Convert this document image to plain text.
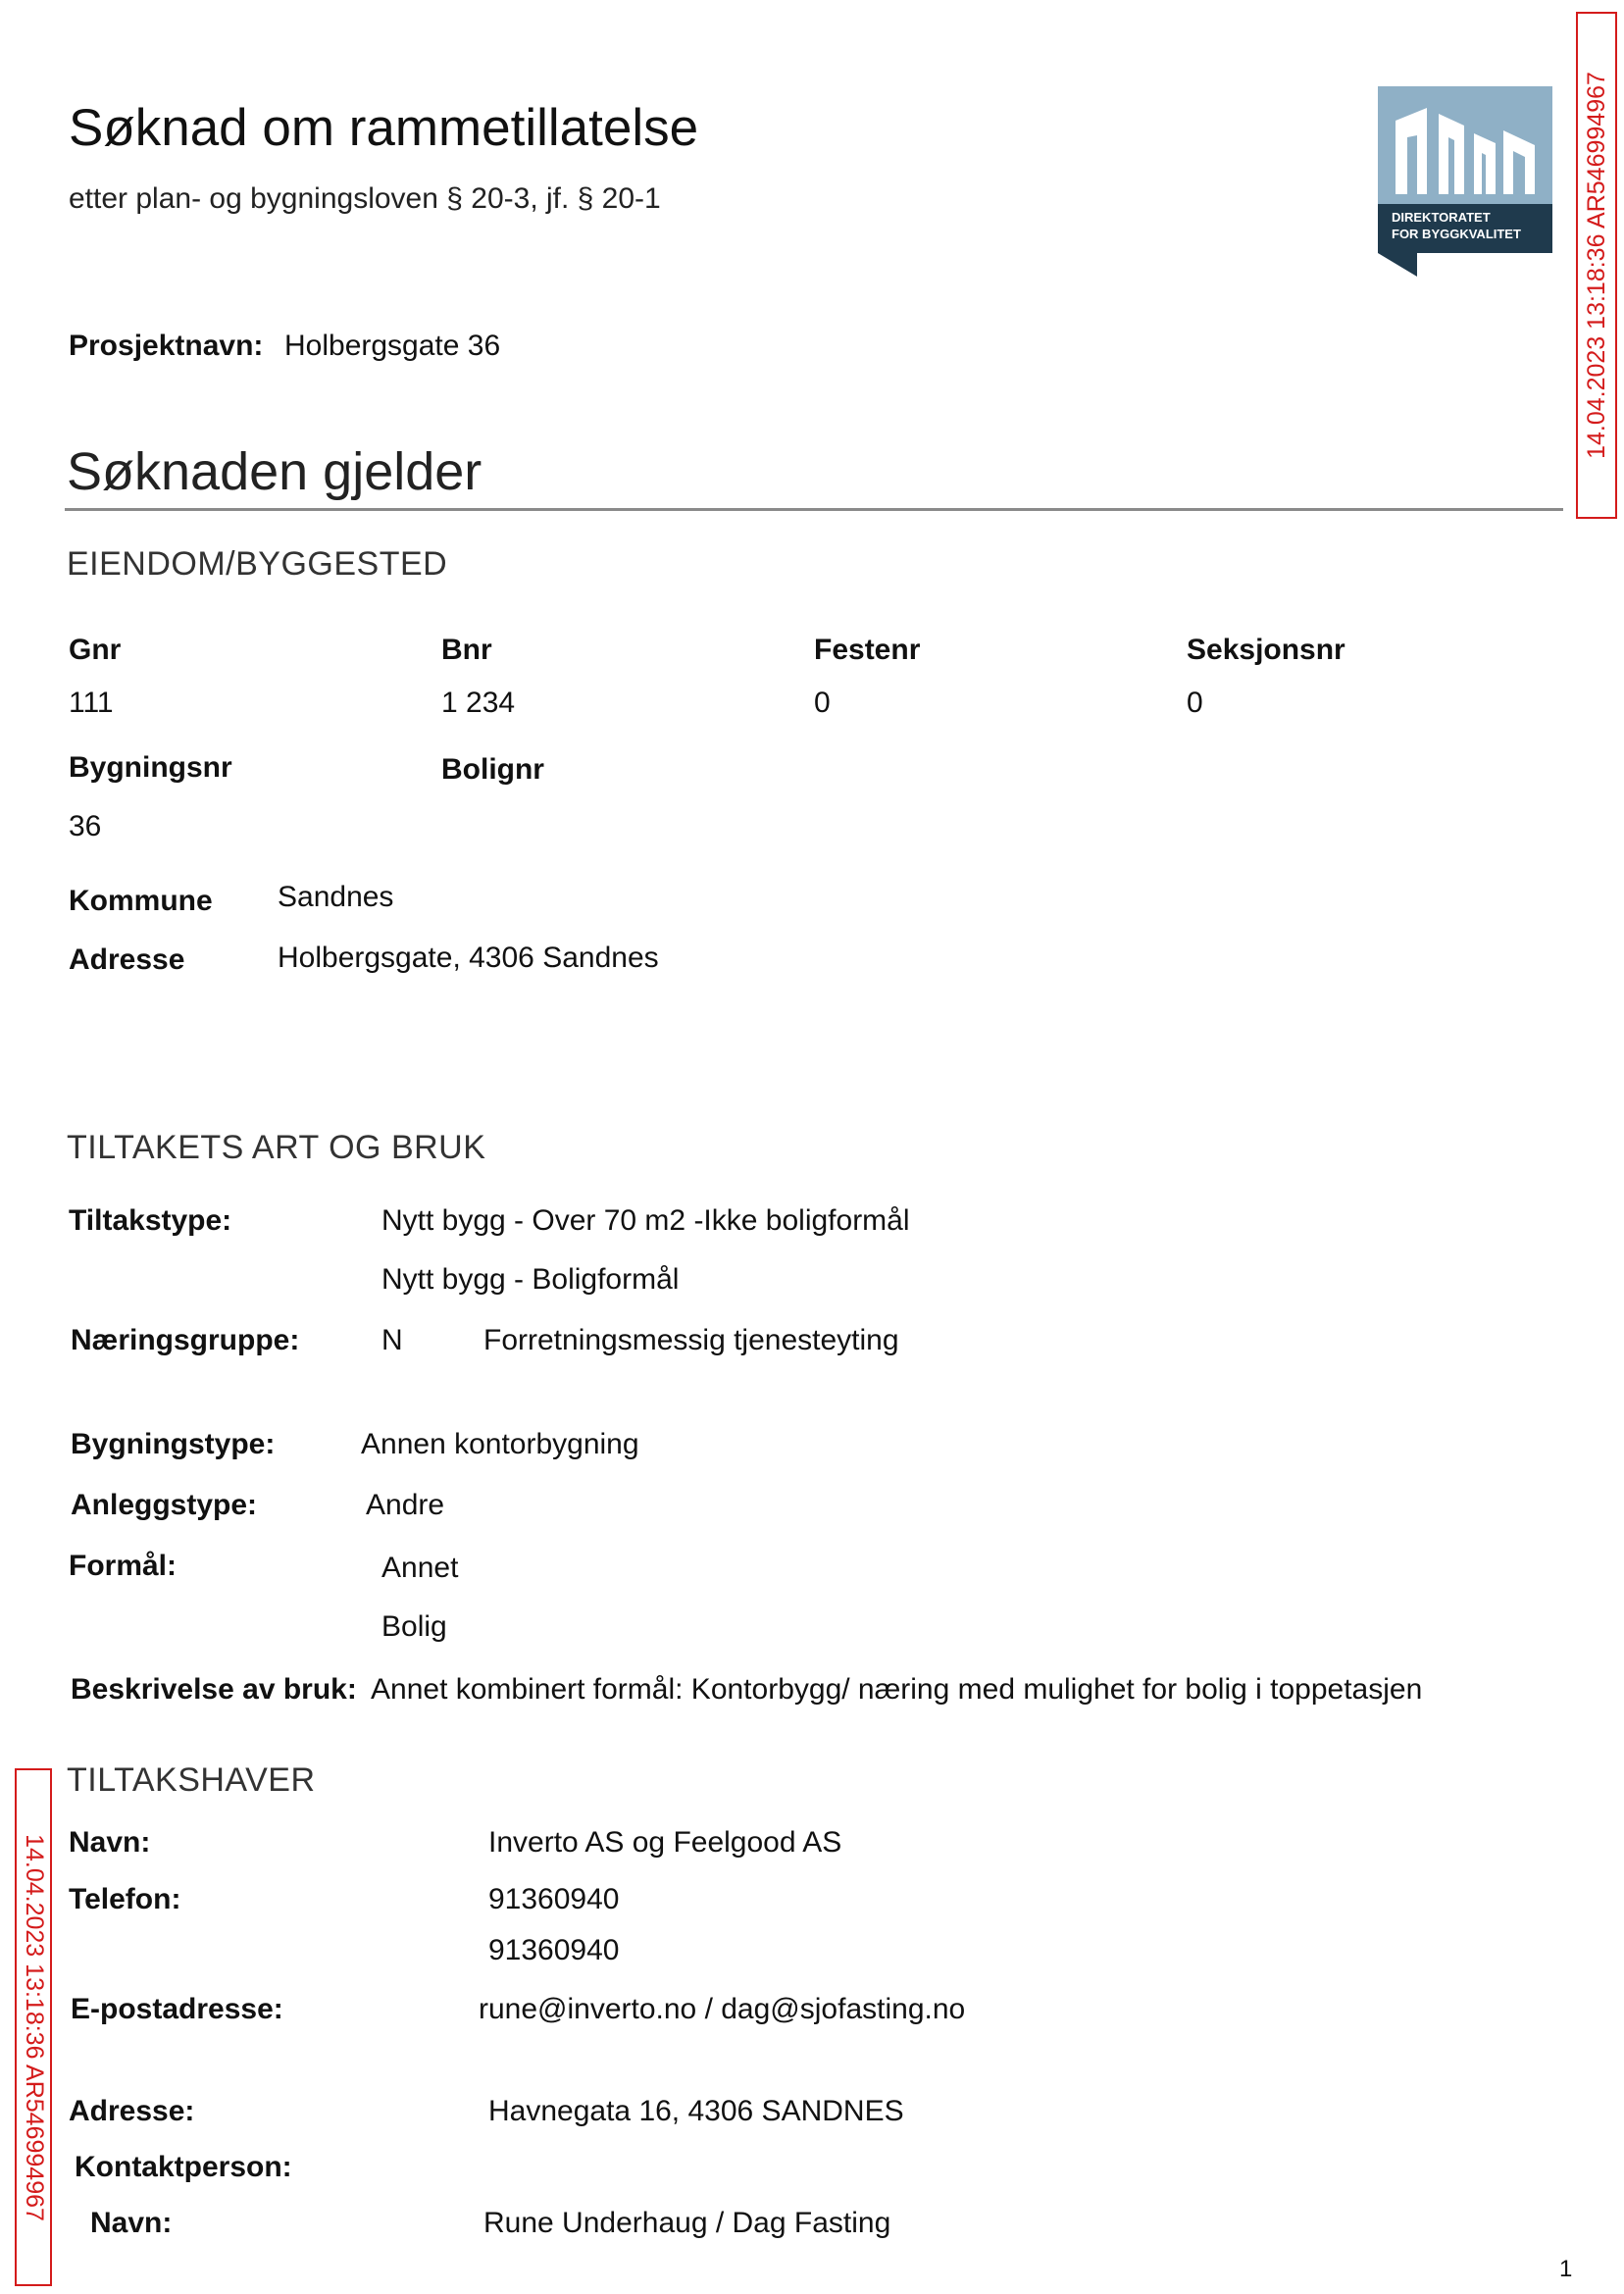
Søknad om rammetillatelse
etter plan- og bygningsloven § 20-3, jf. § 20-1
DIREKTORATET
FOR BYGGKVALITET	14.04.2023 13:18:36 AR546994967
14.04.2023 13:18:36 AR546994967
Prosjektnavn: Holbergsgate 36
Søknaden gjelder
EIENDOM/BYGGESTED
Gnr	Bnr	Festenr	Seksjonsnr
111	1 234	0	0
Bygningsnr	Bolignr
36
Kommune Sandnes
Adresse	Holbergsgate, 4306 Sandnes
TILTAKETS ART OG BRUK
Tiltakstype:	Nytt bygg - Over 70 m2 -Ikke boligformål
Nytt bygg - Boligformål
Næringsgruppe:	N	Forretningsmessig tjenesteyting
Bygningstype:	Annen kontorbygning
Anleggstype:	Andre
Formål:	Annet
Bolig
Beskrivelse av bruk: Annet kombinert formål: Kontorbygg/ næring med mulighet for bolig i toppetasjen
TILTAKSHAVER
Navn:	Inverto AS og Feelgood AS
Telefon:	91360940
91360940
E-postadresse:	rune@inverto.no / dag@sjofasting.no
Adresse:	Havnegata 16, 4306 SANDNES
Kontaktperson:
Navn:	Rune Underhaug / Dag Fasting
1
